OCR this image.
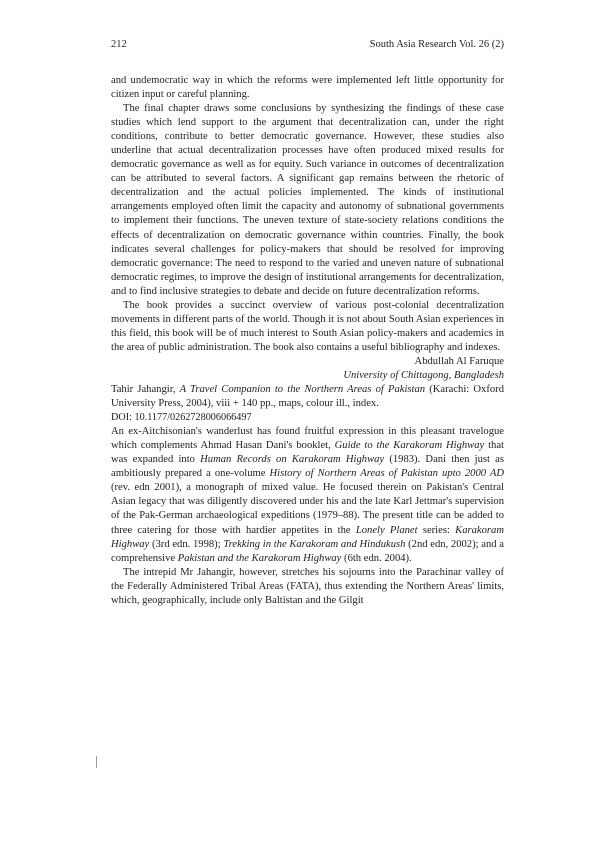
212	South Asia Research Vol. 26 (2)

and undemocratic way in which the reforms were implemented left little opportunity for citizen input or careful planning.

The final chapter draws some conclusions by synthesizing the findings of these case studies which lend support to the argument that decentralization can, under the right conditions, contribute to better democratic governance. However, these studies also underline that actual decentralization processes have often produced mixed results for democratic governance as well as for equity. Such variance in outcomes of decentralization can be attributed to several factors. A significant gap remains between the rhetoric of decentralization and the actual policies implemented. The kinds of institutional arrangements employed often limit the capacity and autonomy of subnational governments to implement their functions. The uneven texture of state-society relations conditions the effects of decentralization on democratic governance within countries. Finally, the book indicates several challenges for policy-makers that should be resolved for improving democratic governance: The need to respond to the varied and uneven nature of subnational democratic regimes, to improve the design of institutional arrangements for decentralization, and to find inclusive strategies to debate and decide on future decentralization reforms.

The book provides a succinct overview of various post-colonial decentralization movements in different parts of the world. Though it is not about South Asian experiences in this field, this book will be of much interest to South Asian policy-makers and academics in the area of public administration. The book also contains a useful bibliography and indexes.

Abdullah Al Faruque

University of Chittagong, Bangladesh

Tahir Jahangir, A Travel Companion to the Northern Areas of Pakistan (Karachi: Oxford University Press, 2004), viii + 140 pp., maps, colour ill., index.

DOI: 10.1177/0262728006066497

An ex-Aitchisonian's wanderlust has found fruitful expression in this pleasant travelogue which complements Ahmad Hasan Dani's booklet, Guide to the Karakoram Highway that was expanded into Human Records on Karakoram Highway (1983). Dani then just as ambitiously prepared a one-volume History of Northern Areas of Pakistan upto 2000 AD (rev. edn 2001), a monograph of mixed value. He focused therein on Pakistan's Central Asian legacy that was diligently discovered under his and the late Karl Jettmar's supervision of the Pak-German archaeological expeditions (1979–88). The present title can be added to three catering for those with hardier appetites in the Lonely Planet series: Karakoram Highway (3rd edn. 1998); Trekking in the Karakoram and Hindukush (2nd edn, 2002); and a comprehensive Pakistan and the Karakoram Highway (6th edn. 2004).

The intrepid Mr Jahangir, however, stretches his sojourns into the Parachinar valley of the Federally Administered Tribal Areas (FATA), thus extending the Northern Areas' limits, which, geographically, include only Baltistan and the Gilgit
